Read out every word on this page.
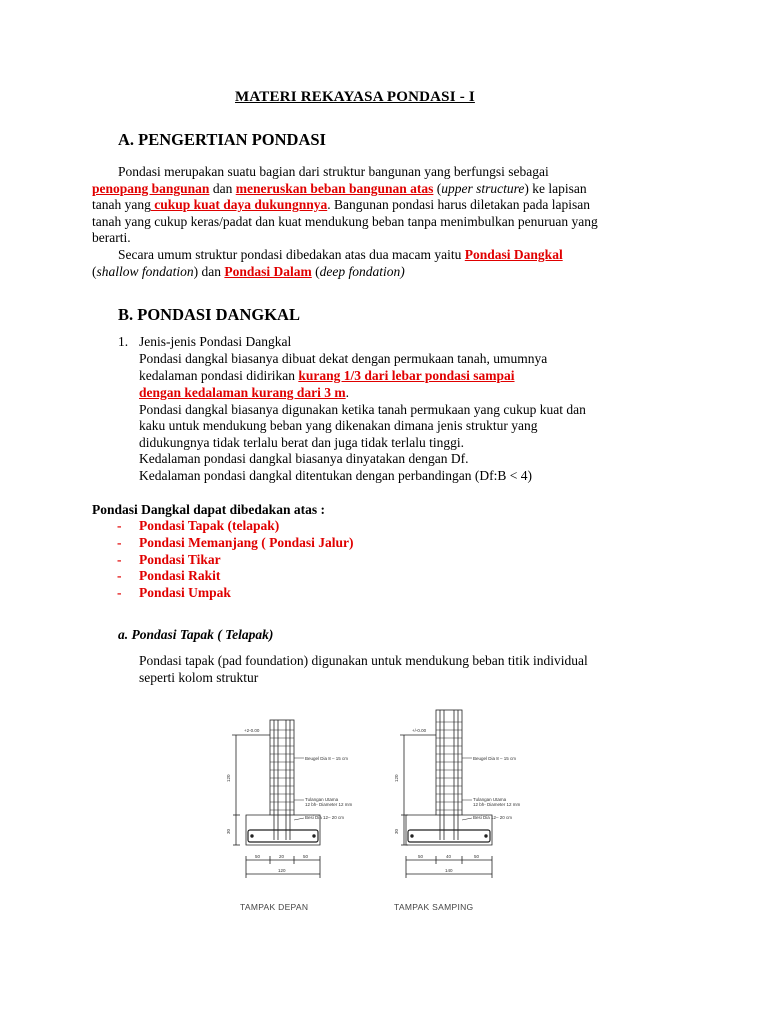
MATERI REKAYASA PONDASI - I
A. PENGERTIAN PONDASI
Pondasi merupakan suatu bagian dari struktur bangunan yang berfungsi sebagai
penopang bangunan dan meneruskan beban bangunan atas (upper structure) ke lapisan
tanah yang cukup kuat daya dukungnnya. Bangunan pondasi harus diletakan pada lapisan
tanah yang cukup keras/padat dan kuat mendukung beban tanpa menimbulkan penuruan yang
berarti.
Secara umum struktur pondasi dibedakan atas dua macam yaitu Pondasi Dangkal
(shallow fondation) dan Pondasi Dalam (deep fondation)
B. PONDASI DANGKAL
1. Jenis-jenis Pondasi Dangkal
Pondasi dangkal biasanya dibuat dekat dengan permukaan tanah, umumnya
kedalaman pondasi didirikan kurang 1/3 dari lebar pondasi sampai
dengan kedalaman kurang dari 3 m.
Pondasi dangkal biasanya digunakan ketika tanah permukaan yang cukup kuat dan
kaku untuk mendukung beban yang dikenakan dimana jenis struktur yang
didukungnya tidak terlalu berat dan juga tidak terlalu tinggi.
Kedalaman pondasi dangkal biasanya dinyatakan dengan Df.
Kedalaman pondasi dangkal ditentukan dengan perbandingan (Df:B < 4)
Pondasi Dangkal dapat dibedakan atas :
- Pondasi Tapak (telapak)
- Pondasi Memanjang ( Pondasi Jalur)
- Pondasi Tikar
- Pondasi Rakit
- Pondasi Umpak
a. Pondasi Tapak ( Telapak)
Pondasi tapak (pad foundation) digunakan untuk mendukung beban titik individual
seperti kolom struktur
+2-0.00
120
30
Beugel Dia 8 – 15 cm
Tulangan Utama
12 bh- Diameter 12 mm
Besi Dia 12– 20 cm
50	20	50
120
+/-0.00
120
30
Beugel Dia 8 – 15 cm
Tulangan Utama
12 bh- Diameter 12 mm
Besi Dia 12– 20 cm
50	40	50
140
TAMPAK DEPAN	TAMPAK SAMPING
